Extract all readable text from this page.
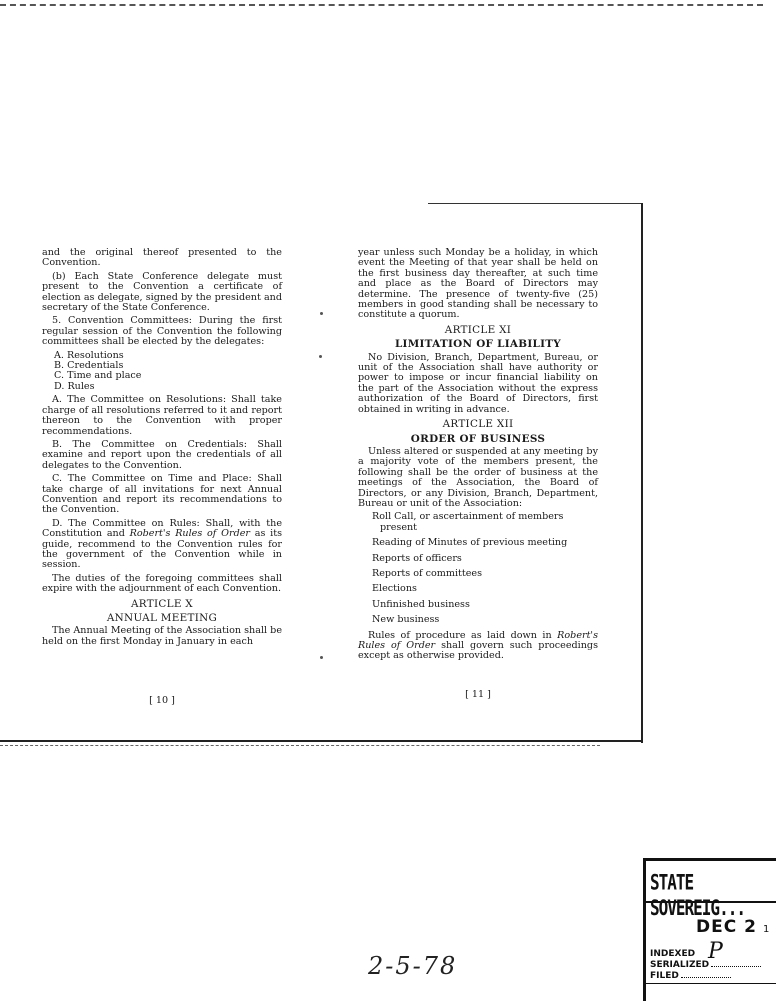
and the original thereof presented to the Convention.

(b) Each State Conference delegate must present to the Convention a certificate of election as delegate, signed by the president and secretary of the State Conference.

5. Convention Committees: During the first regular session of the Convention the following committees shall be elected by the delegates:

A. Resolutions
B. Credentials
C. Time and place
D. Rules

A. The Committee on Resolutions: Shall take charge of all resolutions referred to it and report thereon to the Convention with proper recommendations.

B. The Committee on Credentials: Shall examine and report upon the credentials of all delegates to the Convention.

C. The Committee on Time and Place: Shall take charge of all invitations for next Annual Convention and report its recommendations to the Convention.

D. The Committee on Rules: Shall, with the Constitution and Robert's Rules of Order as its guide, recommend to the Convention rules for the government of the Convention while in session.

The duties of the foregoing committees shall expire with the adjournment of each Convention.

ARTICLE X
ANNUAL MEETING

The Annual Meeting of the Association shall be held on the first Monday in January in each

[ 10 ]

year unless such Monday be a holiday, in which event the Meeting of that year shall be held on the first business day thereafter, at such time and place as the Board of Directors may determine. The presence of twenty-five (25) members in good standing shall be necessary to constitute a quorum.

ARTICLE XI
LIMITATION OF LIABILITY

No Division, Branch, Department, Bureau, or unit of the Association shall have authority or power to impose or incur financial liability on the part of the Association without the express authorization of the Board of Directors, first obtained in writing in advance.

ARTICLE XII
ORDER OF BUSINESS

Unless altered or suspended at any meeting by a majority vote of the members present, the following shall be the order of business at the meetings of the Association, the Board of Directors, or any Division, Branch, Department, Bureau or unit of the Association:

Roll Call, or ascertainment of members present
Reading of Minutes of previous meeting
Reports of officers
Reports of committees
Elections
Unfinished business
New business

Rules of procedure as laid down in Robert's Rules of Order shall govern such proceedings except as otherwise provided.

[ 11 ]
2-5-78
STATE SOVEREIG...
DEC 2 1
P
INDEXED
SERIALIZED
FILED
